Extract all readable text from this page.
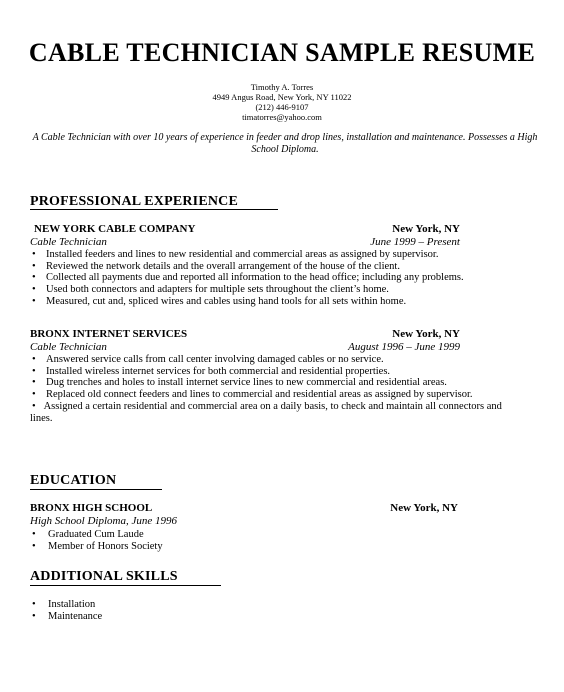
CABLE TECHNICIAN SAMPLE RESUME
Timothy A. Torres
4949 Angus Road, New York, NY 11022
(212) 446-9107
timatorres@yahoo.com
A Cable Technician with over 10 years of experience in feeder and drop lines, installation and maintenance. Possesses a High School Diploma.
PROFESSIONAL EXPERIENCE
NEW YORK CABLE COMPANY	New York, NY
Cable Technician	June 1999 – Present
• Installed feeders and lines to new residential and commercial areas as assigned by supervisor.
• Reviewed the network details and the overall arrangement of the house of the client.
• Collected all payments due and reported all information to the head office; including any problems.
• Used both connectors and adapters for multiple sets throughout the client’s home.
• Measured, cut and, spliced wires and cables using hand tools for all sets within home.
BRONX INTERNET SERVICES	New York, NY
Cable Technician	August 1996 – June 1999
• Answered service calls from call center involving damaged cables or no service.
• Installed wireless internet services for both commercial and residential properties.
• Dug trenches and holes to install internet service lines to new commercial and residential areas.
• Replaced old connect feeders and lines to commercial and residential areas as assigned by supervisor.
• Assigned a certain residential and commercial area on a daily basis, to check and maintain all connectors and lines.
EDUCATION
BRONX HIGH SCHOOL	New York, NY
High School Diploma, June 1996
• Graduated Cum Laude
• Member of Honors Society
ADDITIONAL SKILLS
• Installation
• Maintenance
